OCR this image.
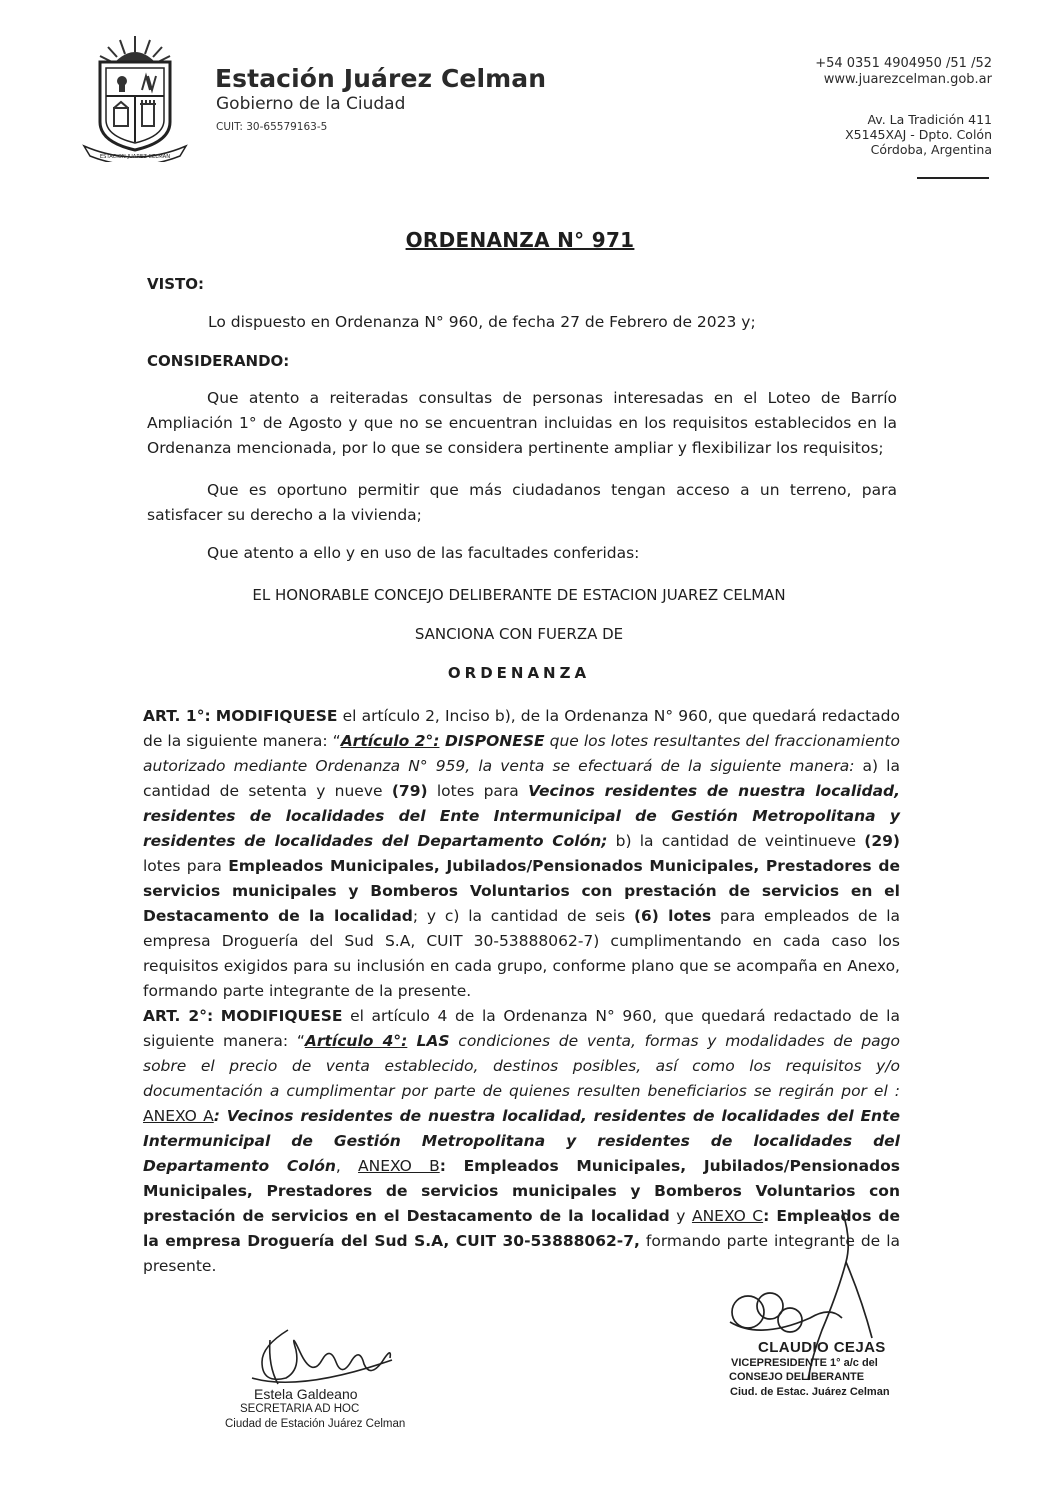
ESTACION JUAREZ CELMAN
Estación Juárez Celman
Gobierno de la Ciudad
CUIT: 30-65579163-5
+54 0351 4904950 /51 /52
www.juarezcelman.gob.ar
Av. La Tradición 411
X5145XAJ - Dpto. Colón
Córdoba, Argentina
ORDENANZA N° 971
VISTO:
Lo dispuesto en Ordenanza N° 960, de fecha 27 de Febrero de 2023 y;
CONSIDERANDO:
Que atento a reiteradas consultas de personas interesadas en el Loteo de Barrío Ampliación 1° de Agosto y que no se encuentran incluidas en los requisitos establecidos en la Ordenanza mencionada, por lo que se considera pertinente ampliar y flexibilizar los requisitos;
Que es oportuno permitir que más ciudadanos tengan acceso a un terreno, para satisfacer su derecho a la vivienda;
Que atento a ello y en uso de las facultades conferidas:
EL HONORABLE CONCEJO DELIBERANTE DE ESTACION JUAREZ CELMAN
SANCIONA CON FUERZA DE
ORDENANZA
ART. 1°: MODIFIQUESE el artículo 2, Inciso b), de la Ordenanza N° 960, que quedará redactado de la siguiente manera: “Artículo 2°: DISPONESE que los lotes resultantes del fraccionamiento autorizado mediante Ordenanza N° 959, la venta se efectuará de la siguiente manera: a) la cantidad de setenta y nueve (79) lotes para Vecinos residentes de nuestra localidad, residentes de localidades del Ente Intermunicipal de Gestión Metropolitana y residentes de localidades del Departamento Colón; b) la cantidad de veintinueve (29) lotes para Empleados Municipales, Jubilados/Pensionados Municipales, Prestadores de servicios municipales y Bomberos Voluntarios con prestación de servicios en el Destacamento de la localidad; y c) la cantidad de seis (6) lotes para empleados de la empresa Droguería del Sud S.A, CUIT 30-53888062-7) cumplimentando en cada caso los requisitos exigidos para su inclusión en cada grupo, conforme plano que se acompaña en Anexo, formando parte integrante de la presente.
ART. 2°: MODIFIQUESE el artículo 4 de la Ordenanza N° 960, que quedará redactado de la siguiente manera: “Artículo 4°: LAS condiciones de venta, formas y modalidades de pago sobre el precio de venta establecido, destinos posibles, así como los requisitos y/o documentación a cumplimentar por parte de quienes resulten beneficiarios se regirán por el : ANEXO A: Vecinos residentes de nuestra localidad, residentes de localidades del Ente Intermunicipal de Gestión Metropolitana y residentes de localidades del Departamento Colón, ANEXO B: Empleados Municipales, Jubilados/Pensionados Municipales, Prestadores de servicios municipales y Bomberos Voluntarios con prestación de servicios en el Destacamento de la localidad y ANEXO C: Empleados de la empresa Droguería del Sud S.A, CUIT 30-53888062-7, formando parte integrante de la presente.
Estela Galdeano
SECRETARIA AD HOC
Ciudad de Estación Juárez Celman
CLAUDIO CEJAS
VICEPRESIDENTE 1° a/c del
CONSEJO DELIBERANTE
Ciud. de Estac. Juárez Celman
